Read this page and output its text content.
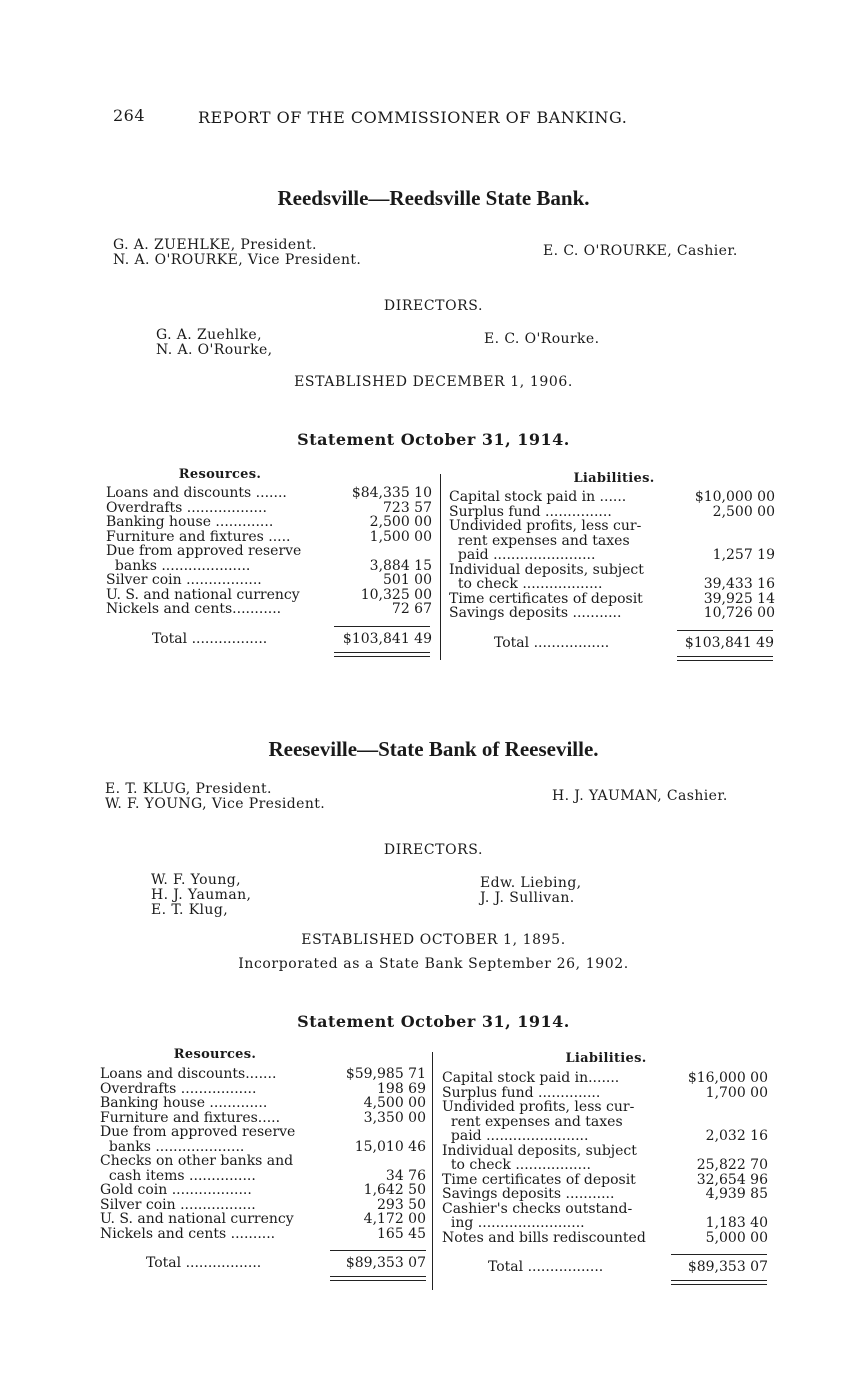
264	REPORT OF THE COMMISSIONER OF BANKING.
Reedsville—Reedsville State Bank.
G. A. ZUEHLKE, President.
N. A. O'ROURKE, Vice President.
E. C. O'ROURKE, Cashier.
DIRECTORS.
G. A. Zuehlke,
N. A. O'Rourke,
E. C. O'Rourke.
ESTABLISHED DECEMBER 1, 1906.
Statement October 31, 1914.
Resources.	Liabilities.
Loans and discounts .......	$84,335 10
Overdrafts ..................	723 57
Banking house .............	2,500 00
Furniture and fixtures .....	1,500 00
Due from approved reserve
banks ....................	3,884 15
Silver coin .................	501 00
U. S. and national currency	10,325 00
Nickels and cents...........	72 67
Capital stock paid in ......	$10,000 00
Surplus fund ...............	2,500 00
Undivided profits, less cur-
rent expenses and taxes
paid .......................	1,257 19
Individual deposits, subject
to check ..................	39,433 16
Time certificates of deposit	39,925 14
Savings deposits ...........	10,726 00
Total .................	$103,841 49	Total .................	$103,841 49
Reeseville—State Bank of Reeseville.
E. T. KLUG, President.
W. F. YOUNG, Vice President.	H. J. YAUMAN, Cashier.
DIRECTORS.
W. F. Young,
H. J. Yauman,
E. T. Klug,
Edw. Liebing,
J. J. Sullivan.
ESTABLISHED OCTOBER 1, 1895.
Incorporated as a State Bank September 26, 1902.
Statement October 31, 1914.
Resources.	Liabilities.
Loans and discounts.......	$59,985 71
Overdrafts .................	198 69
Banking house .............	4,500 00
Furniture and fixtures.....	3,350 00
Due from approved reserve
banks ....................	15,010 46
Checks on other banks and
cash items ...............	34 76
Gold coin ..................	1,642 50
Silver coin .................	293 50
U. S. and national currency	4,172 00
Nickels and cents ..........	165 45
Capital stock paid in.......	$16,000 00
Surplus fund ..............	1,700 00
Undivided profits, less cur-
rent expenses and taxes
paid .......................	2,032 16
Individual deposits, subject
to check .................	25,822 70
Time certificates of deposit	32,654 96
Savings deposits ...........	4,939 85
Cashier's checks outstand-
ing ........................	1,183 40
Notes and bills rediscounted	5,000 00
Total .................	$89,353 07	Total .................	$89,353 07
